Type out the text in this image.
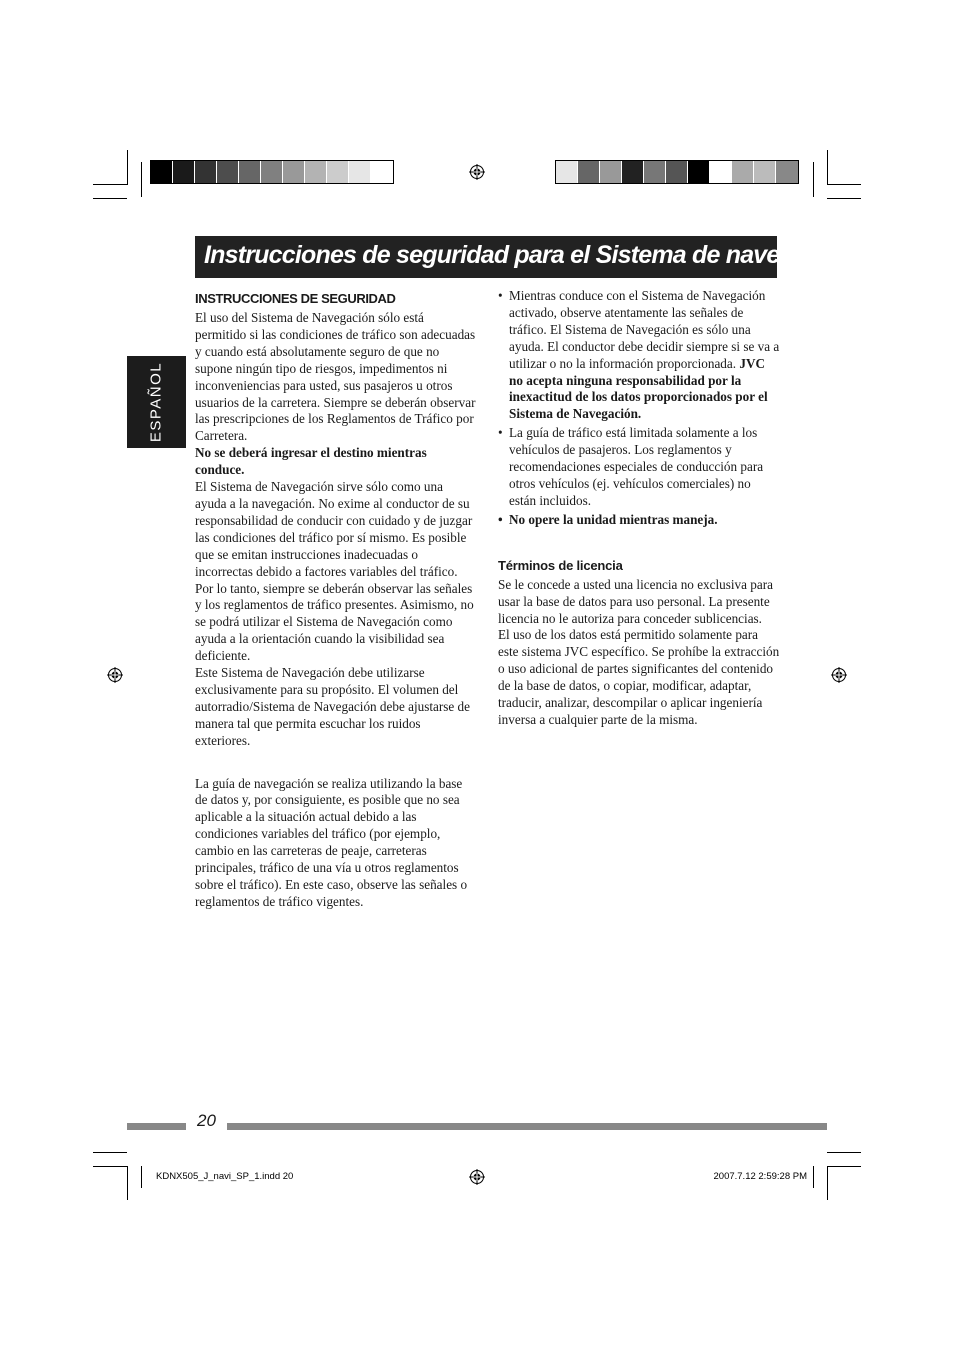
Instrucciones de seguridad para el Sistema de navegación
ESPAÑOL
INSTRUCCIONES DE SEGURIDAD

El uso del Sistema de Navegación sólo está permitido si las condiciones de tráfico son adecuadas y cuando está absolutamente seguro de que no supone ningún tipo de riesgos, impedimentos ni inconveniencias para usted, sus pasajeros u otros usuarios de la carretera. Siempre se deberán observar las prescripciones de los Reglamentos de Tráfico por Carretera.

No se deberá ingresar el destino mientras conduce.

El Sistema de Navegación sirve sólo como una ayuda a la navegación. No exime al conductor de su responsabilidad de conducir con cuidado y de juzgar las condiciones del tráfico por sí mismo. Es posible que se emitan instrucciones inadecuadas o incorrectas debido a factores variables del tráfico. Por lo tanto, siempre se deberán observar las señales y los reglamentos de tráfico presentes. Asimismo, no se podrá utilizar el Sistema de Navegación como ayuda a la orientación cuando la visibilidad sea deficiente.

Este Sistema de Navegación debe utilizarse exclusivamente para su propósito. El volumen del autorradio/Sistema de Navegación debe ajustarse de manera tal que permita escuchar los ruidos exteriores.

La guía de navegación se realiza utilizando la base de datos y, por consiguiente, es posible que no sea aplicable a la situación actual debido a las condiciones variables del tráfico (por ejemplo, cambio en las carreteras de peaje, carreteras principales, tráfico de una vía u otros reglamentos sobre el tráfico). En este caso, observe las señales o reglamentos de tráfico vigentes.

• Mientras conduce con el Sistema de Navegación activado, observe atentamente las señales de tráfico. El Sistema de Navegación es sólo una ayuda. El conductor debe decidir siempre si se va a utilizar o no la información proporcionada. JVC no acepta ninguna responsabilidad por la inexactitud de los datos proporcionados por el Sistema de Navegación.
• La guía de tráfico está limitada solamente a los vehículos de pasajeros. Los reglamentos y recomendaciones especiales de conducción para otros vehículos (ej. vehículos comerciales) no están incluidos.
• No opere la unidad mientras maneja.
Términos de licencia

Se le concede a usted una licencia no exclusiva para usar la base de datos para uso personal. La presente licencia no le autoriza para conceder sublicencias.

El uso de los datos está permitido solamente para este sistema JVC específico. Se prohíbe la extracción o uso adicional de partes significantes del contenido de la base de datos, o copiar, modificar, adaptar, traducir, analizar, descompilar o aplicar ingeniería inversa a cualquier parte de la misma.

20
KDNX505_J_navi_SP_1.indd 20	2007.7.12 2:59:28 PM
